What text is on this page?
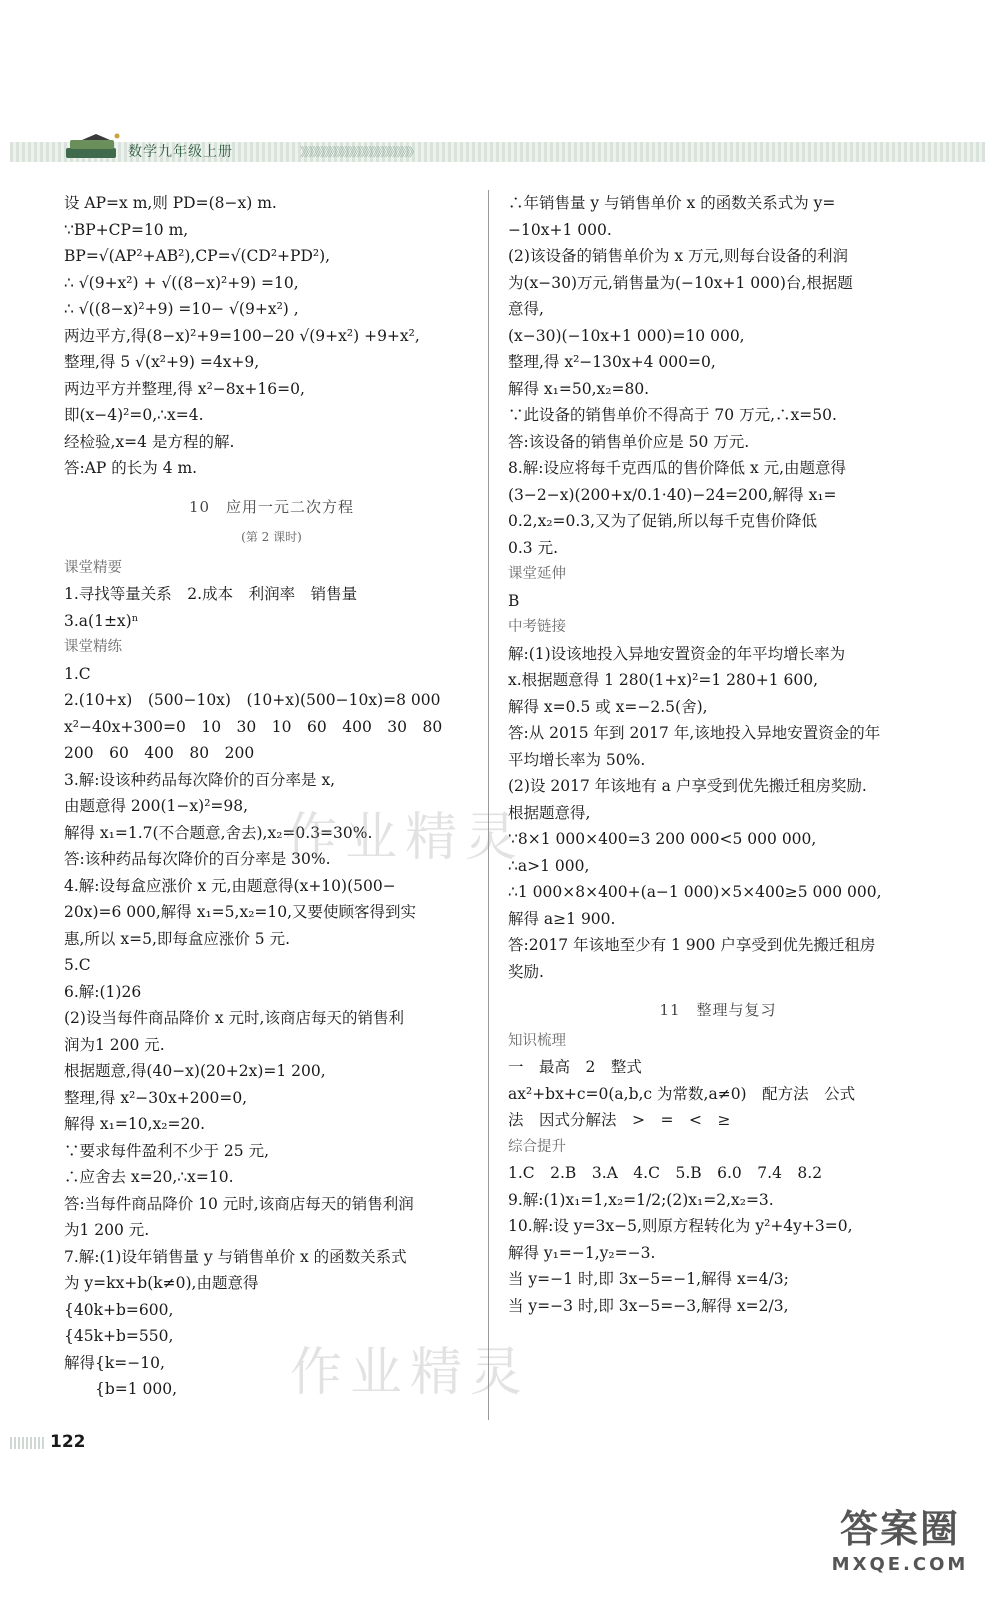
数学九年级上册	》》》》》》》》》》》》》》》》》》》》》》》》》》》》
设 AP=x m,则 PD=(8−x) m.
∵BP+CP=10 m,
BP=√(AP²+AB²),CP=√(CD²+PD²),
∴ √(9+x²) + √((8−x)²+9) =10,
∴ √((8−x)²+9) =10− √(9+x²) ,
两边平方,得(8−x)²+9=100−20 √(9+x²) +9+x²,
整理,得 5 √(x²+9) =4x+9,
两边平方并整理,得 x²−8x+16=0,
即(x−4)²=0,∴x=4.
经检验,x=4 是方程的解.
答:AP 的长为 4 m.
10　应用一元二次方程
(第 2 课时)
课堂精要
1.寻找等量关系　2.成本　利润率　销售量
3.a(1±x)ⁿ
课堂精练
1.C
2.(10+x)　(500−10x)　(10+x)(500−10x)=8 000
x²−40x+300=0　10　30　10　60　400　30　80
200　60　400　80　200
3.解:设该种药品每次降价的百分率是 x,
由题意得 200(1−x)²=98,
解得 x₁=1.7(不合题意,舍去),x₂=0.3=30%.
答:该种药品每次降价的百分率是 30%.
4.解:设每盒应涨价 x 元,由题意得(x+10)(500−
20x)=6 000,解得 x₁=5,x₂=10,又要使顾客得到实
惠,所以 x=5,即每盒应涨价 5 元.
5.C
6.解:(1)26
(2)设当每件商品降价 x 元时,该商店每天的销售利
润为1 200 元.
根据题意,得(40−x)(20+2x)=1 200,
整理,得 x²−30x+200=0,
解得 x₁=10,x₂=20.
∵要求每件盈利不少于 25 元,
∴应舍去 x=20,∴x=10.
答:当每件商品降价 10 元时,该商店每天的销售利润
为1 200 元.
7.解:(1)设年销售量 y 与销售单价 x 的函数关系式
为 y=kx+b(k≠0),由题意得
{40k+b=600,
{45k+b=550,
解得{k=−10,
　　{b=1 000,
∴年销售量 y 与销售单价 x 的函数关系式为 y=
−10x+1 000.
(2)该设备的销售单价为 x 万元,则每台设备的利润
为(x−30)万元,销售量为(−10x+1 000)台,根据题
意得,
(x−30)(−10x+1 000)=10 000,
整理,得 x²−130x+4 000=0,
解得 x₁=50,x₂=80.
∵此设备的销售单价不得高于 70 万元,∴x=50.
答:该设备的销售单价应是 50 万元.
8.解:设应将每千克西瓜的售价降低 x 元,由题意得
(3−2−x)(200+x/0.1·40)−24=200,解得 x₁=
0.2,x₂=0.3,又为了促销,所以每千克售价降低
0.3 元.
课堂延伸
B
中考链接
解:(1)设该地投入异地安置资金的年平均增长率为
x.根据题意得 1 280(1+x)²=1 280+1 600,
解得 x=0.5 或 x=−2.5(舍),
答:从 2015 年到 2017 年,该地投入异地安置资金的年
平均增长率为 50%.
(2)设 2017 年该地有 a 户享受到优先搬迁租房奖励.
根据题意得,
∵8×1 000×400=3 200 000<5 000 000,
∴a>1 000,
∴1 000×8×400+(a−1 000)×5×400≥5 000 000,
解得 a≥1 900.
答:2017 年该地至少有 1 900 户享受到优先搬迁租房
奖励.
11　整理与复习
知识梳理
一　最高　2　整式
ax²+bx+c=0(a,b,c 为常数,a≠0)　配方法　公式
法　因式分解法　>　=　<　≥
综合提升
1.C　2.B　3.A　4.C　5.B　6.0　7.4　8.2
9.解:(1)x₁=1,x₂=1/2;(2)x₁=2,x₂=3.
10.解:设 y=3x−5,则原方程转化为 y²+4y+3=0,
解得 y₁=−1,y₂=−3.
当 y=−1 时,即 3x−5=−1,解得 x=4/3;
当 y=−3 时,即 3x−5=−3,解得 x=2/3,
作业精灵
作业精灵
122
答案圈
MXQE.COM
